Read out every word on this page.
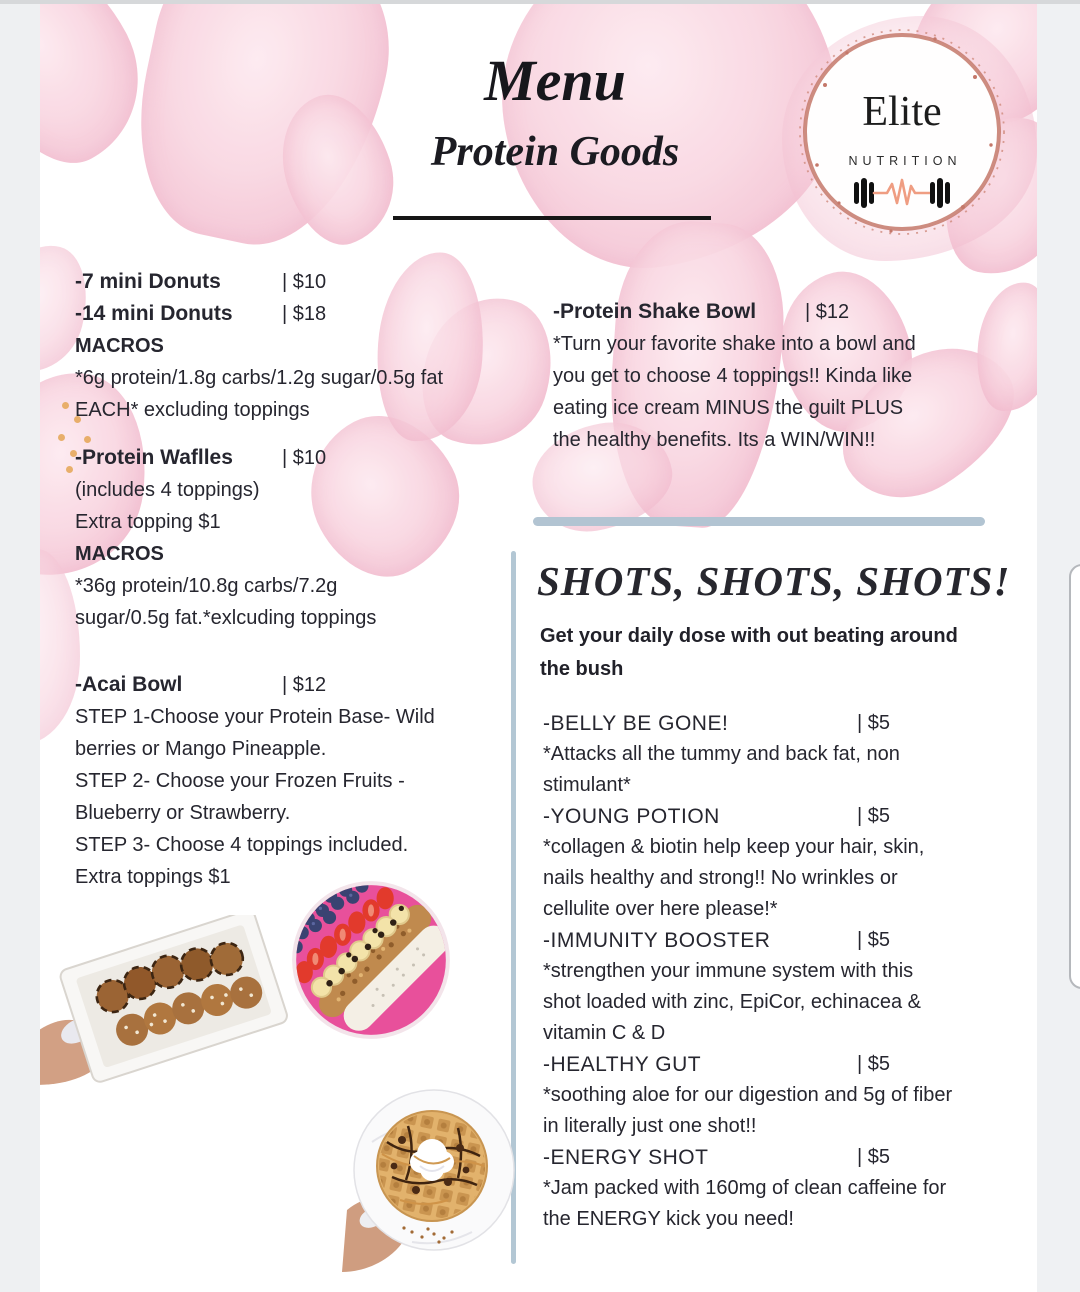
Menu
Protein Goods
Elite
NUTRITION
-7 mini Donuts	| $10
-14 mini Donuts	| $18
MACROS
*6g protein/1.8g carbs/1.2g sugar/0.5g fat
EACH* excluding toppings
-Protein Waflles	| $10
(includes 4 toppings)
Extra topping $1
MACROS
*36g protein/10.8g carbs/7.2g
sugar/0.5g fat.*exlcuding toppings
-Acai Bowl	| $12
STEP 1-Choose your Protein Base- Wild
berries or Mango Pineapple.
STEP 2- Choose your Frozen Fruits -
Blueberry or Strawberry.
STEP 3- Choose 4 toppings included.
Extra toppings $1
-Protein Shake Bowl	| $12
*Turn your favorite shake into a bowl and
you get to choose 4 toppings!! Kinda like
eating ice cream MINUS the guilt PLUS
the healthy benefits. Its a WIN/WIN!!
SHOTS, SHOTS, SHOTS!
Get your daily dose with out beating around
the bush
-BELLY BE GONE!	| $5
*Attacks all the tummy and back fat, non
stimulant*
-YOUNG POTION	| $5
*collagen & biotin help keep your hair, skin,
nails healthy and strong!! No wrinkles or
cellulite over here please!*
-IMMUNITY BOOSTER	| $5
*strengthen your immune system with this
shot loaded with zinc, EpiCor, echinacea &
vitamin C & D
-HEALTHY GUT	| $5
*soothing aloe for our digestion and 5g of fiber
in literally just one shot!!
-ENERGY SHOT	| $5
*Jam packed with 160mg of clean caffeine for
the ENERGY kick you need!
